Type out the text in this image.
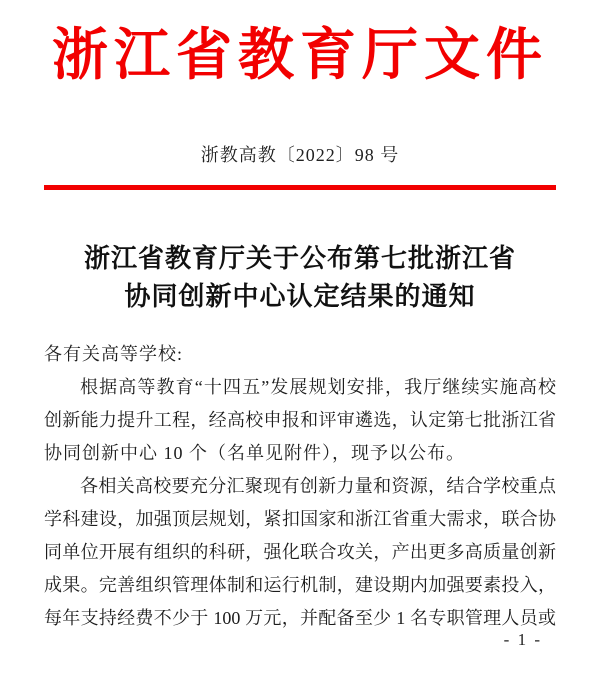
浙江省教育厅文件
浙教高教〔2022〕98 号
浙江省教育厅关于公布第七批浙江省
协同创新中心认定结果的通知
各有关高等学校:
根据高等教育“十四五”发展规划安排，我厅继续实施高校
创新能力提升工程，经高校申报和评审遴选，认定第七批浙江省
协同创新中心 10 个（名单见附件），现予以公布。
各相关高校要充分汇聚现有创新力量和资源，结合学校重点
学科建设，加强顶层规划，紧扣国家和浙江省重大需求，联合协
同单位开展有组织的科研，强化联合攻关，产出更多高质量创新
成果。完善组织管理体制和运行机制，建设期内加强要素投入，
每年支持经费不少于 100 万元，并配备至少 1 名专职管理人员或
- 1 -
